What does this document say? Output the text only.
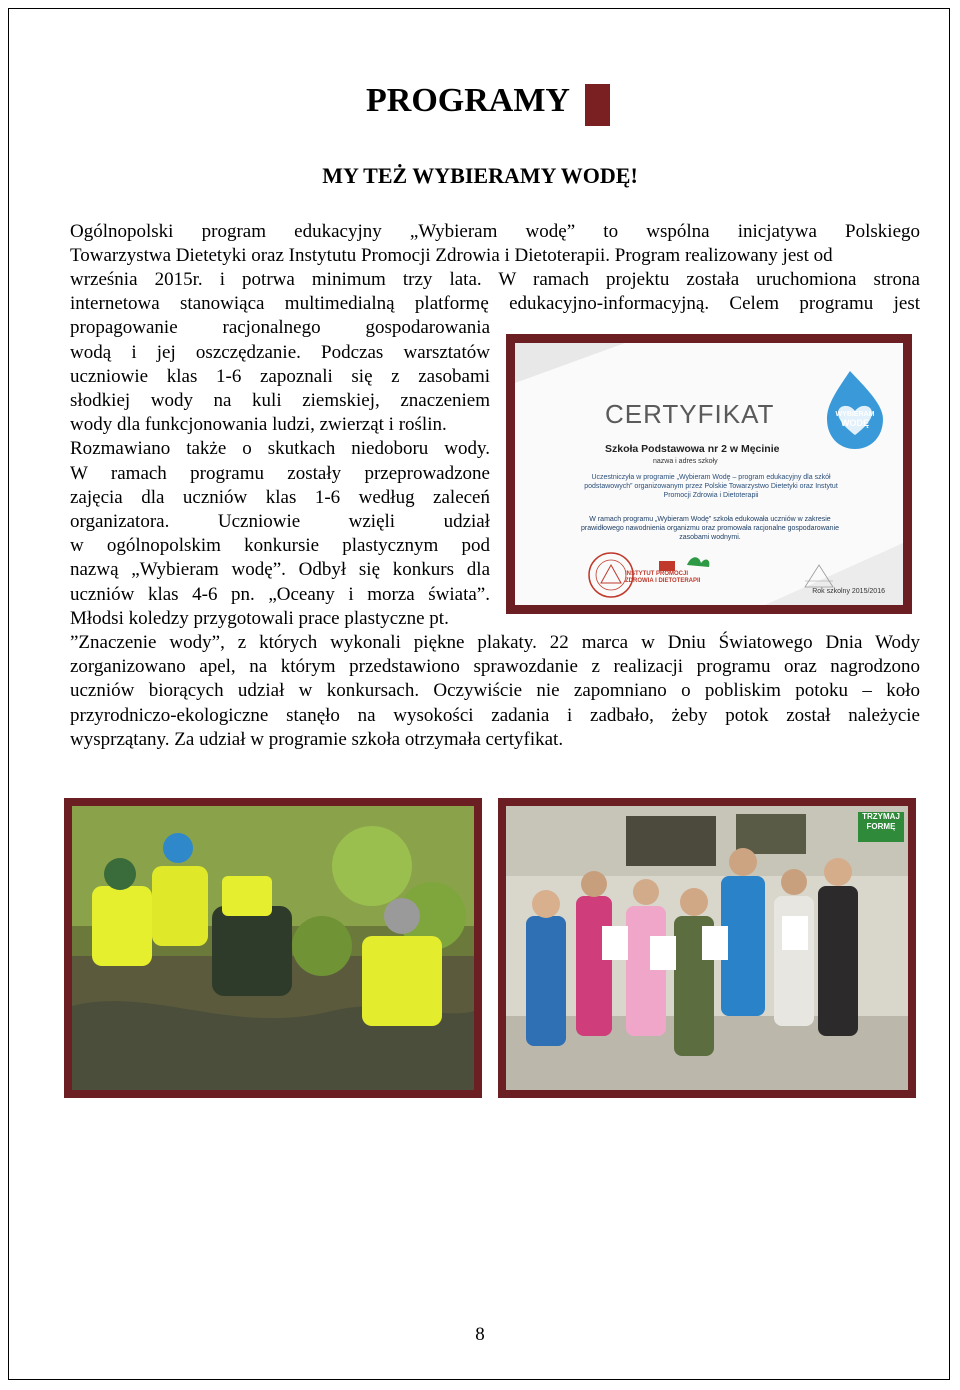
PROGRAMY
MY TEŻ WYBIERAMY WODĘ!
Ogólnopolski program edukacyjny „Wybieram wodę” to wspólna inicjatywa Polskiego
Towarzystwa Dietetyki oraz Instytutu Promocji Zdrowia i Dietoterapii. Program realizowany jest od
września 2015r. i potrwa minimum trzy lata. W ramach projektu została uruchomiona strona
internetowa stanowiąca multimedialną platformę edukacyjno-informacyjną. Celem programu jest
propagowanie racjonalnego gospodarowania
wodą i jej oszczędzanie. Podczas warsztatów
uczniowie klas 1-6 zapoznali się z zasobami
słodkiej wody na kuli ziemskiej, znaczeniem
wody dla funkcjonowania ludzi, zwierząt i roślin.
Rozmawiano także o skutkach niedoboru wody.
W ramach programu zostały przeprowadzone
zajęcia dla uczniów klas 1-6 według zaleceń
organizatora. Uczniowie wzięli udział
w ogólnopolskim konkursie plastycznym pod
nazwą „Wybieram wodę”. Odbył się konkurs dla
uczniów klas 4-6 pn. „Oceany i morza świata”.
Młodsi koledzy przygotowali prace plastyczne pt.
”Znaczenie wody”, z których wykonali piękne plakaty. 22 marca w Dniu Światowego Dnia Wody
zorganizowano apel, na którym przedstawiono sprawozdanie z realizacji programu oraz nagrodzono
uczniów biorących udział w konkursach. Oczywiście nie zapomniano o pobliskim potoku – koło
przyrodniczo-ekologiczne stanęło na wysokości zadania i zadbało, żeby potok został należycie
wysprzątany. Za udział w programie szkoła otrzymała certyfikat.
WYBIERAM
WODĘ
CERTYFIKAT
Szkoła Podstawowa nr 2 w Męcinie
nazwa i adres szkoły
Uczestniczyła w programie „Wybieram Wodę – program edukacyjny dla szkół podstawowych” organizowanym przez Polskie Towarzystwo Dietetyki oraz Instytut Promocji Zdrowia i Dietoterapii
W ramach programu „Wybieram Wodę” szkoła edukowała uczniów w zakresie prawidłowego nawodnienia organizmu oraz promowała racjonalne gospodarowanie zasobami wodnymi.
INSTYTUT PROMOCJI
ZDROWIA I DIETOTERAPII
Rok szkolny 2015/2016
TRZYMAJ FORMĘ
8
